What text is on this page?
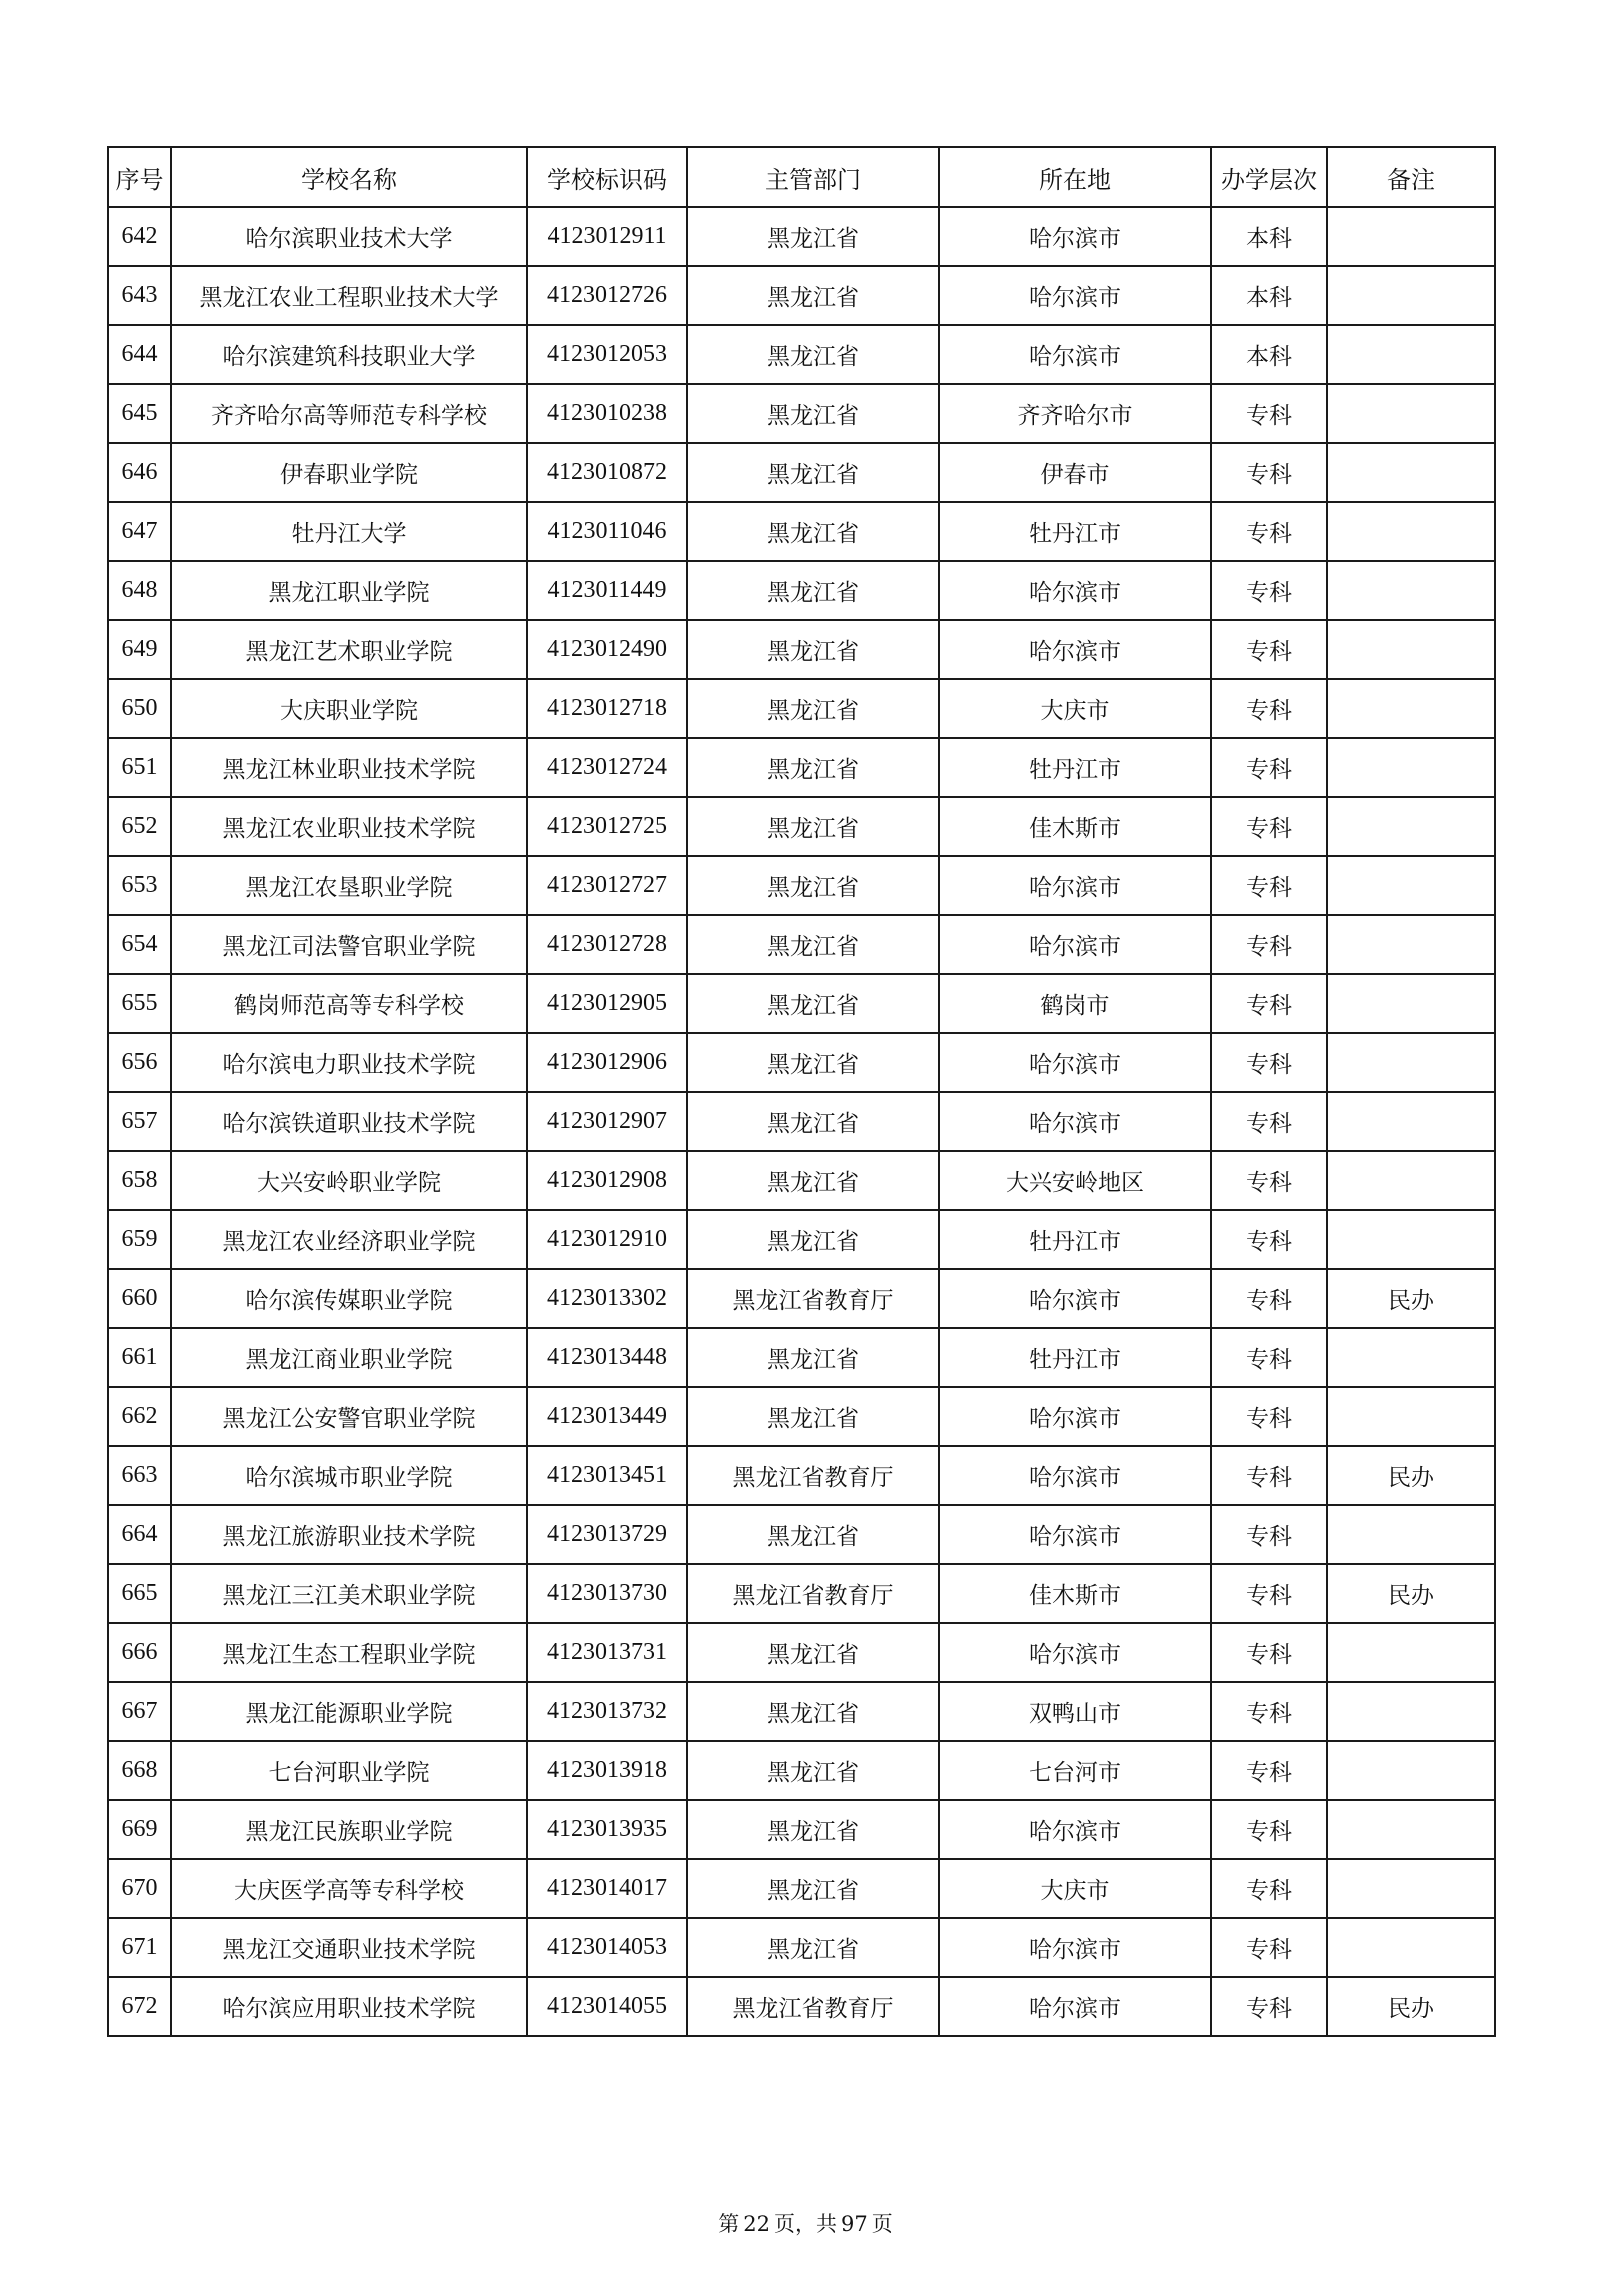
序号	学校名称	学校标识码	主管部门	所在地	办学层次	备注
642	哈尔滨职业技术大学	4123012911	黑龙江省	哈尔滨市	本科	
643	黑龙江农业工程职业技术大学	4123012726	黑龙江省	哈尔滨市	本科	
644	哈尔滨建筑科技职业大学	4123012053	黑龙江省	哈尔滨市	本科	
645	齐齐哈尔高等师范专科学校	4123010238	黑龙江省	齐齐哈尔市	专科	
646	伊春职业学院	4123010872	黑龙江省	伊春市	专科	
647	牡丹江大学	4123011046	黑龙江省	牡丹江市	专科	
648	黑龙江职业学院	4123011449	黑龙江省	哈尔滨市	专科	
649	黑龙江艺术职业学院	4123012490	黑龙江省	哈尔滨市	专科	
650	大庆职业学院	4123012718	黑龙江省	大庆市	专科	
651	黑龙江林业职业技术学院	4123012724	黑龙江省	牡丹江市	专科	
652	黑龙江农业职业技术学院	4123012725	黑龙江省	佳木斯市	专科	
653	黑龙江农垦职业学院	4123012727	黑龙江省	哈尔滨市	专科	
654	黑龙江司法警官职业学院	4123012728	黑龙江省	哈尔滨市	专科	
655	鹤岗师范高等专科学校	4123012905	黑龙江省	鹤岗市	专科	
656	哈尔滨电力职业技术学院	4123012906	黑龙江省	哈尔滨市	专科	
657	哈尔滨铁道职业技术学院	4123012907	黑龙江省	哈尔滨市	专科	
658	大兴安岭职业学院	4123012908	黑龙江省	大兴安岭地区	专科	
659	黑龙江农业经济职业学院	4123012910	黑龙江省	牡丹江市	专科	
660	哈尔滨传媒职业学院	4123013302	黑龙江省教育厅	哈尔滨市	专科	民办
661	黑龙江商业职业学院	4123013448	黑龙江省	牡丹江市	专科	
662	黑龙江公安警官职业学院	4123013449	黑龙江省	哈尔滨市	专科	
663	哈尔滨城市职业学院	4123013451	黑龙江省教育厅	哈尔滨市	专科	民办
664	黑龙江旅游职业技术学院	4123013729	黑龙江省	哈尔滨市	专科	
665	黑龙江三江美术职业学院	4123013730	黑龙江省教育厅	佳木斯市	专科	民办
666	黑龙江生态工程职业学院	4123013731	黑龙江省	哈尔滨市	专科	
667	黑龙江能源职业学院	4123013732	黑龙江省	双鸭山市	专科	
668	七台河职业学院	4123013918	黑龙江省	七台河市	专科	
669	黑龙江民族职业学院	4123013935	黑龙江省	哈尔滨市	专科	
670	大庆医学高等专科学校	4123014017	黑龙江省	大庆市	专科	
671	黑龙江交通职业技术学院	4123014053	黑龙江省	哈尔滨市	专科	
672	哈尔滨应用职业技术学院	4123014055	黑龙江省教育厅	哈尔滨市	专科	民办
第 22 页，共 97 页
